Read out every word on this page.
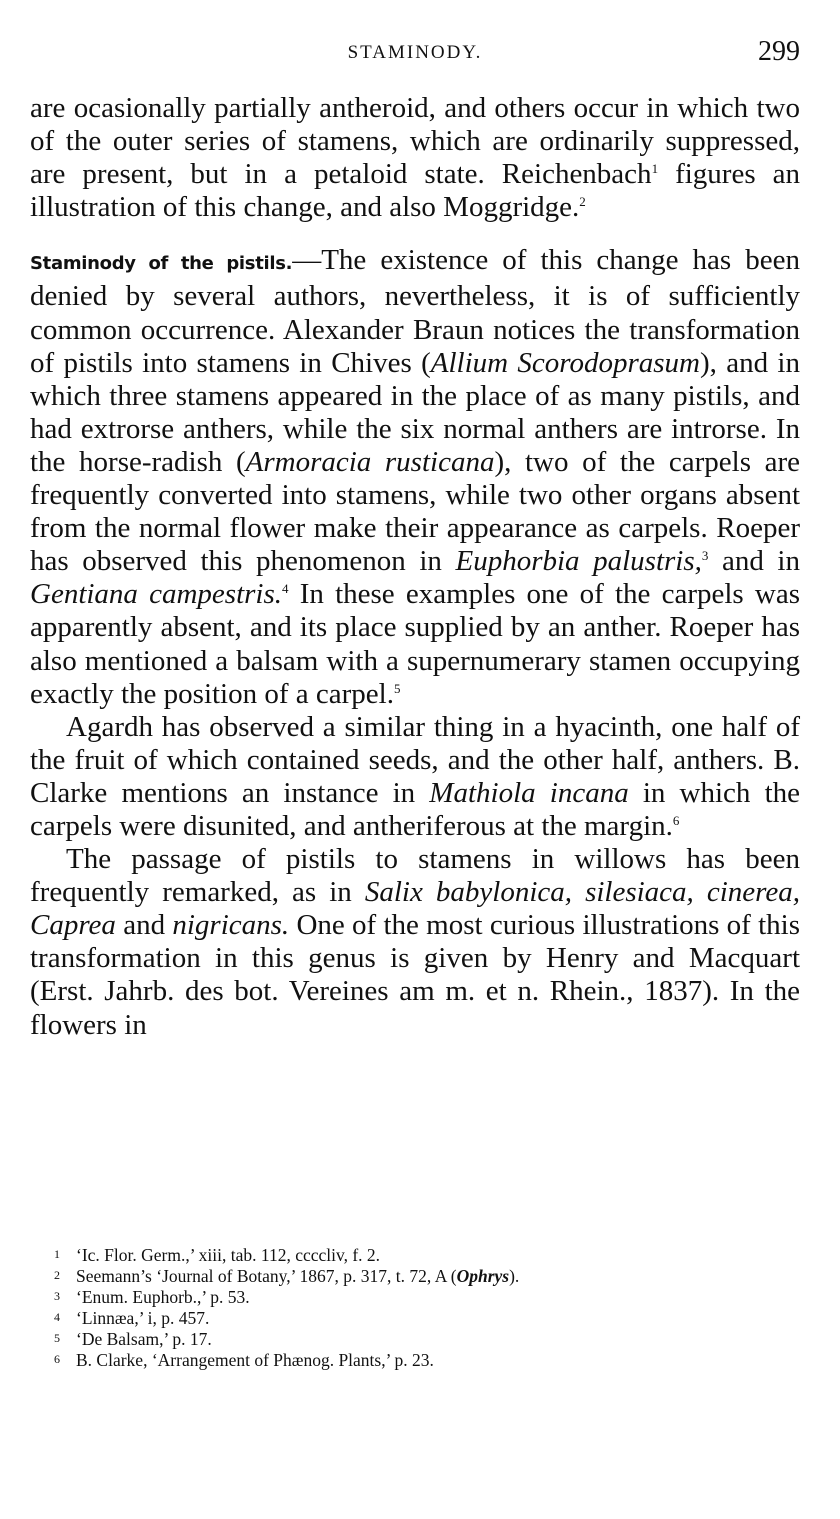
STAMINODY.	299

are ocasionally partially antheroid, and others occur in which two of the outer series of stamens, which are ordinarily suppressed, are present, but in a petaloid state. Reichenbach$^1$ figures an illustration of this change, and also Moggridge.$^2$

Staminody of the pistils.—The existence of this change has been denied by several authors, nevertheless, it is of sufficiently common occurrence. Alexander Braun notices the transformation of pistils into stamens in Chives (Allium Scorodoprasum), and in which three stamens appeared in the place of as many pistils, and had extrorse anthers, while the six normal anthers are introrse. In the horse-radish (Armoracia rusticana), two of the carpels are frequently converted into stamens, while two other organs absent from the normal flower make their appearance as carpels. Roeper has observed this phenomenon in Euphorbia palustris,$^3$ and in Gentiana campestris.$^4$ In these examples one of the carpels was apparently absent, and its place supplied by an anther. Roeper has also mentioned a balsam with a supernumerary stamen occupying exactly the position of a carpel.$^5$

Agardh has observed a similar thing in a hyacinth, one half of the fruit of which contained seeds, and the other half, anthers. B. Clarke mentions an instance in Mathiola incana in which the carpels were disunited, and antheriferous at the margin.$^6$

The passage of pistils to stamens in willows has been frequently remarked, as in Salix babylonica, silesiaca, cinerea, Caprea and nigricans. One of the most curious illustrations of this transformation in this genus is given by Henry and Macquart (Erst. Jahrb. des bot. Vereines am m. et n. Rhein., 1837). In the flowers in

1 ‘Ic. Flor. Germ.,’ xiii, tab. 112, ccccliv, f. 2.
2 Seemann’s ‘Journal of Botany,’ 1867, p. 317, t. 72, A (Ophrys).
3 ‘Enum. Euphorb.,’ p. 53.
4 ‘Linnæa,’ i, p. 457.
5 ‘De Balsam,’ p. 17.
6 B. Clarke, ‘Arrangement of Phænog. Plants,’ p. 23.
